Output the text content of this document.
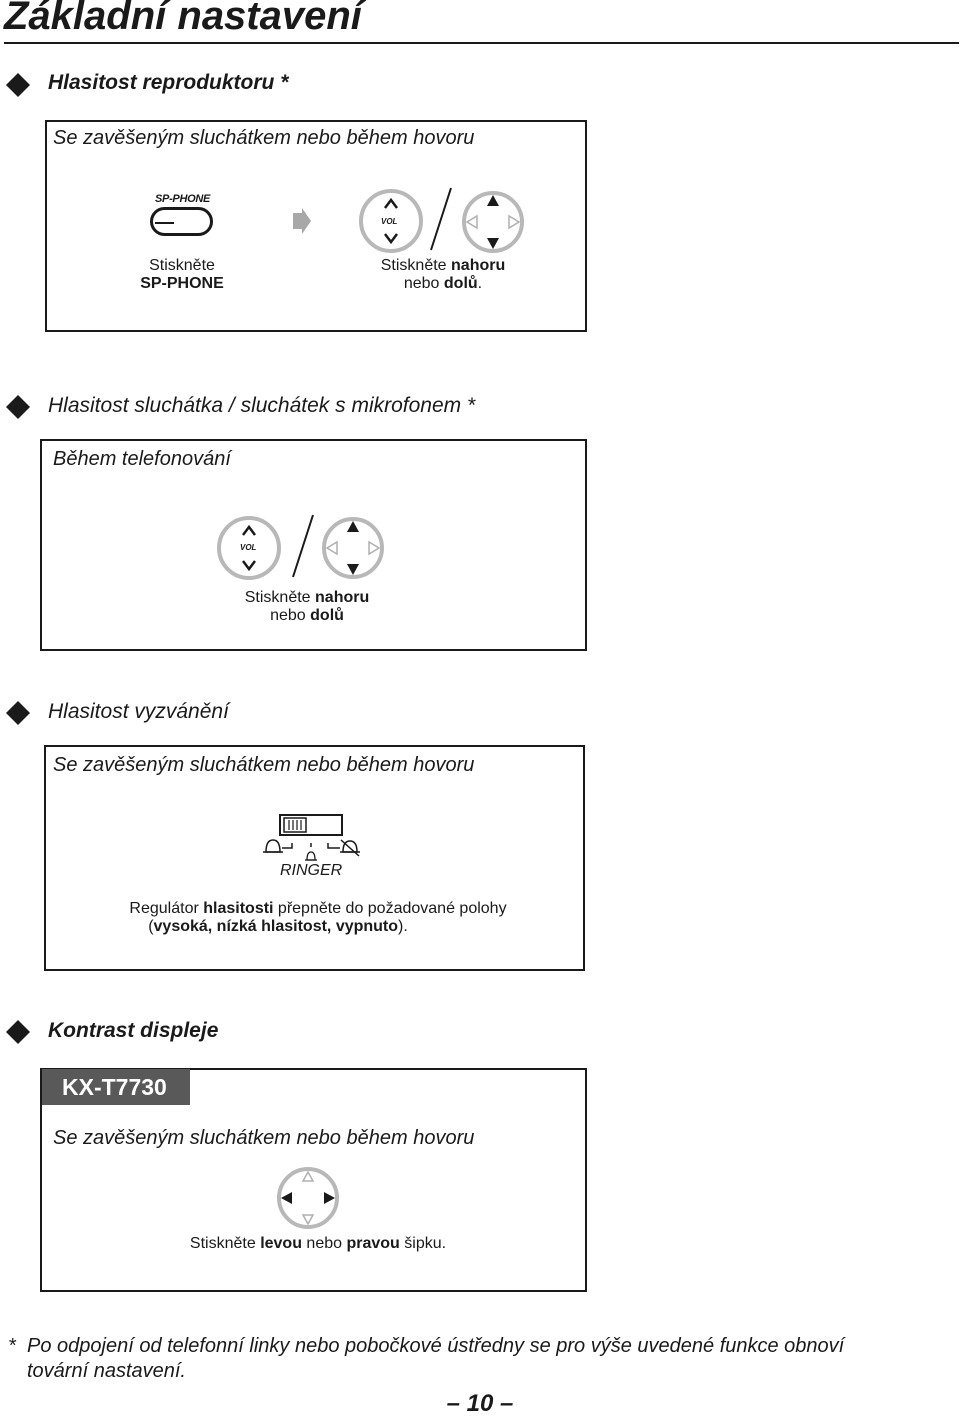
Základní nastavení
Hlasitost reproduktoru *
Se zavěšeným sluchátkem nebo během hovoru
SP-PHONE
Stiskněte
SP-PHONE
VOL
Stiskněte nahoru
nebo dolů.
Hlasitost sluchátka / sluchátek s mikrofonem *
Během telefonování
VOL
Stiskněte nahoru
nebo dolů
Hlasitost vyzvánění
Se zavěšeným sluchátkem nebo během hovoru
RINGER
Regulátor hlasitosti přepněte do požadované polohy
(vysoká, nízká hlasitost, vypnuto).
Kontrast displeje
KX-T7730
Se zavěšeným sluchátkem nebo během hovoru
Stiskněte levou nebo pravou šipku.
* Po odpojení od telefonní linky nebo pobočkové ústředny se pro výše uvedené funkce obnoví
tovární nastavení.
– 10 –
